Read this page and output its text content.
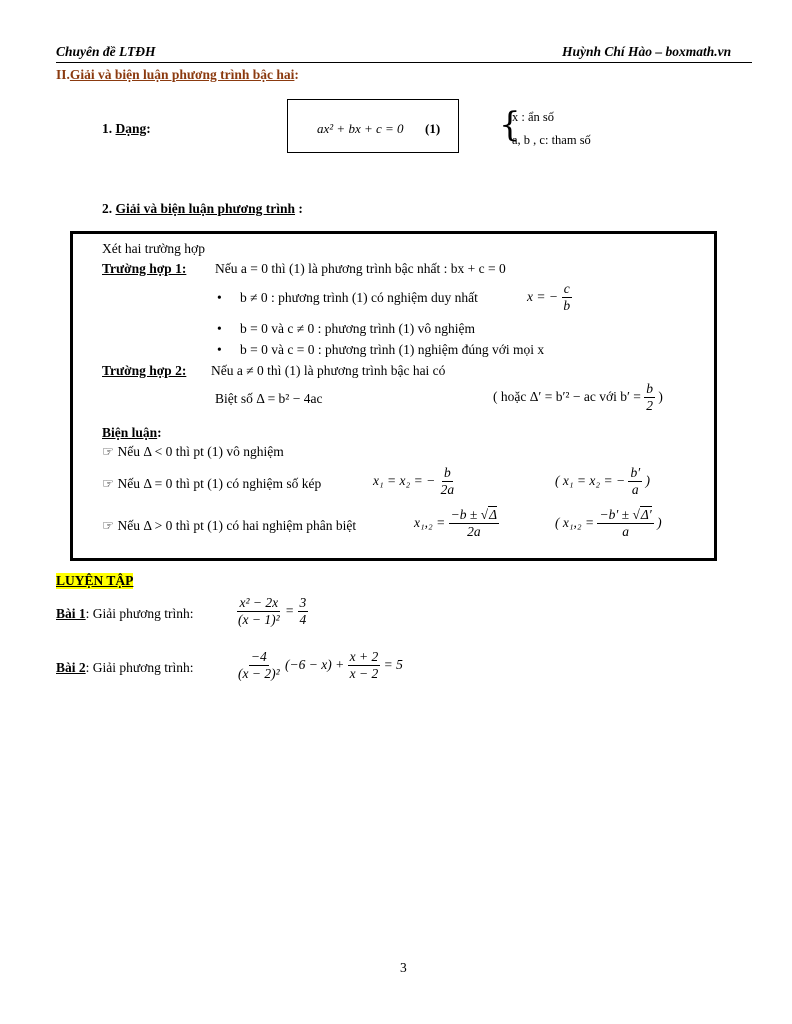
Chuyên đề LTĐH	Huỳnh Chí Hào – boxmath.vn
II.Giải và biện luận phương trình bậc hai:
1. Dạng:	ax² + bx + c = 0 (1) {
x : ẩn số
a, b , c: tham số
2. Giải và biện luận phương trình :
Xét hai trường hợp
Trường hợp 1: Nếu a = 0 thì (1) là phương trình bậc nhất : bx + c = 0
• b ≠ 0 : phương trình (1) có nghiệm duy nhất	x = − $\frac{c}{b}$
• b = 0 và c ≠ 0 : phương trình (1) vô nghiệm
• b = 0 và c = 0 : phương trình (1) nghiệm đúng với mọi x
Trường hợp 2: Nếu a ≠ 0 thì (1) là phương trình bậc hai có
Biệt số Δ = b² − 4ac	( hoặc Δ′ = b′² − ac với $b' = \frac{b}{2}$ )
Biện luận:
☞ Nếu Δ < 0 thì pt (1) vô nghiệm
☞ Nếu Δ = 0 thì pt (1) có nghiệm số kép	x₁ = x₂ = − $\frac{b}{2a}$	( x₁ = x₂ = − $\frac{b'}{a}$ )
☞ Nếu Δ > 0 thì pt (1) có hai nghiệm phân biệt	$x_1,_2 = \frac{-b \pm √\Delta}{2a}$	( $x_1,_2 = \frac{-b' \pm √\Delta'}{a}$ )
LUYỆN TẬP
Bài 1: Giải phương trình:	$\frac{\text{x² − 2x}}{\text{(x − 1)²}} = \frac{3}{4}$
Bài 2: Giải phương trình:	$\frac{-4}{\text{(x − 2)²}} (-6 - x) + \frac{x + 2}{x - 2} = 5$
3
